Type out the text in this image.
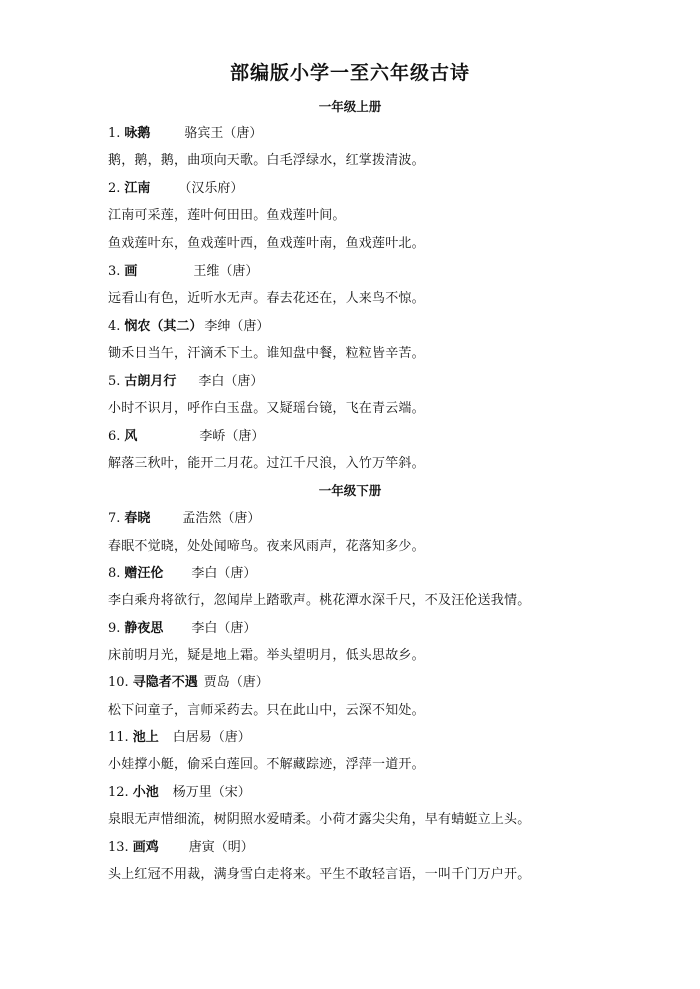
部编版小学一至六年级古诗
一年级上册
1. 咏鹅	骆宾王（唐）
鹅，鹅，鹅，曲项向天歌。白毛浮绿水，红掌拨清波。
2. 江南 （汉乐府）
江南可采莲，莲叶何田田。鱼戏莲叶间。
鱼戏莲叶东，鱼戏莲叶西，鱼戏莲叶南，鱼戏莲叶北。
3. 画	王维（唐）
远看山有色，近听水无声。春去花还在，人来鸟不惊。
4. 悯农（其二） 李绅（唐）
锄禾日当午，汗滴禾下土。谁知盘中餐，粒粒皆辛苦。
5. 古朗月行 李白（唐）
小时不识月，呼作白玉盘。又疑瑶台镜，飞在青云端。
6. 风	李峤（唐）
解落三秋叶，能开二月花。过江千尺浪，入竹万竿斜。
一年级下册
7. 春晓 孟浩然（唐）
春眠不觉晓，处处闻啼鸟。夜来风雨声，花落知多少。
8. 赠汪伦 李白（唐）
李白乘舟将欲行，忽闻岸上踏歌声。桃花潭水深千尺，不及汪伦送我情。
9. 静夜思 李白（唐）
床前明月光，疑是地上霜。举头望明月，低头思故乡。
10. 寻隐者不遇 贾岛（唐）
松下问童子，言师采药去。只在此山中，云深不知处。
11. 池上 白居易（唐）
小娃撑小艇，偷采白莲回。不解藏踪迹，浮萍一道开。
12. 小池 杨万里（宋）
泉眼无声惜细流，树阴照水爱晴柔。小荷才露尖尖角，早有蜻蜓立上头。
13. 画鸡 唐寅（明）
头上红冠不用裁，满身雪白走将来。平生不敢轻言语，一叫千门万户开。
